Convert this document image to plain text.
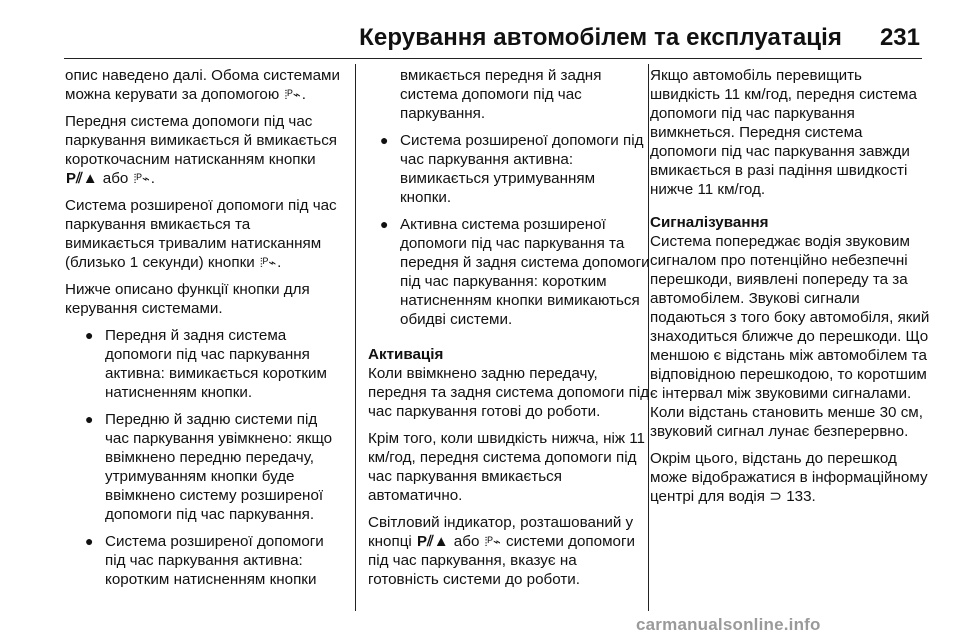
Керування автомобілем та експлуатація 231

опис наведено далі. Обома системами можна керувати за допомогою ⦙ᴾ⌁.

Передня система допомоги під час паркування вимикається й вмикається короткочасним натисканням кнопки P⫽▲ або ⦙ᴾ⌁.

Система розширеної допомоги під час паркування вмикається та вимикається тривалим натисканням (близько 1 секунди) кнопки ⦙ᴾ⌁.

Нижче описано функції кнопки для керування системами.

● Передня й задня система допомоги під час паркування активна: вимикається коротким натисненням кнопки.
● Передню й задню системи під час паркування увімкнено: якщо ввімкнено передню передачу, утримуванням кнопки буде ввімкнено систему розширеної допомоги під час паркування.
● Система розширеної допомоги під час паркування активна: коротким натисненням кнопки

вмикається передня й задня система допомоги під час паркування.

● Система розширеної допомоги під час паркування активна: вимикається утримуванням кнопки.
● Активна система розширеної допомоги під час паркування та передня й задня система допомоги під час паркування: коротким натисненням кнопки вимикаються обидві системи.

Активація

Коли ввімкнено задню передачу, передня та задня система допомоги під час паркування готові до роботи.

Крім того, коли швидкість нижча, ніж 11 км/год, передня система допомоги під час паркування вмикається автоматично.

Світловий індикатор, розташований у кнопці P⫽▲ або ⦙ᴾ⌁ системи допомоги під час паркування, вказує на готовність системи до роботи.

Якщо автомобіль перевищить швидкість 11 км/год, передня система допомоги під час паркування вимкнеться. Передня система допомоги під час паркування завжди вмикається в разі падіння швидкості нижче 11 км/год.

Сигналізування

Система попереджає водія звуковим сигналом про потенційно небезпечні перешкоди, виявлені попереду та за автомобілем. Звукові сигнали подаються з того боку автомобіля, який знаходиться ближче до перешкоди. Що меншою є відстань між автомобілем та відповідною перешкодою, то коротшим є інтервал між звуковими сигналами. Коли відстань становить менше 30 см, звуковий сигнал лунає безперервно.

Окрім цього, відстань до перешкод може відображатися в інформаційному центрі для водія ⊃ 133.

carmanualsonline.info
